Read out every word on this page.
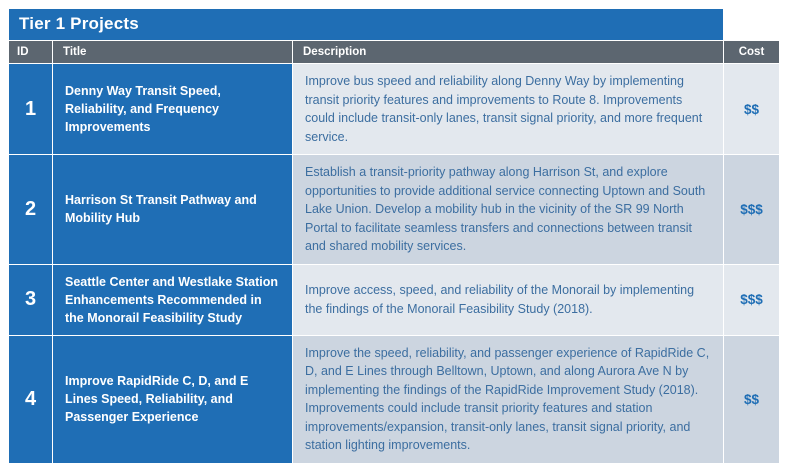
Tier 1 Projects			
ID	Title	Description	Cost
1	Denny Way Transit Speed, Reliability, and Frequency Improvements	Improve bus speed and reliability along Denny Way by implementing transit priority features and improvements to Route 8. Improvements could include transit-only lanes, transit signal priority, and more frequent service.	$$
2	Harrison St Transit Pathway and Mobility Hub	Establish a transit-priority pathway along Harrison St, and explore opportunities to provide additional service connecting Uptown and South Lake Union. Develop a mobility hub in the vicinity of the SR 99 North Portal to facilitate seamless transfers and connections between transit and shared mobility services.	$$$
3	Seattle Center and Westlake Station Enhancements Recommended in the Monorail Feasibility Study	Improve access, speed, and reliability of the Monorail by implementing the findings of the Monorail Feasibility Study (2018).	$$$
4	Improve RapidRide C, D, and E Lines Speed, Reliability, and Passenger Experience	Improve the speed, reliability, and passenger experience of RapidRide C, D, and E Lines through Belltown, Uptown, and along Aurora Ave N by implementing the findings of the RapidRide Improvement Study (2018). Improvements could include transit priority features and station improvements/expansion, transit-only lanes, transit signal priority, and station lighting improvements.	$$
